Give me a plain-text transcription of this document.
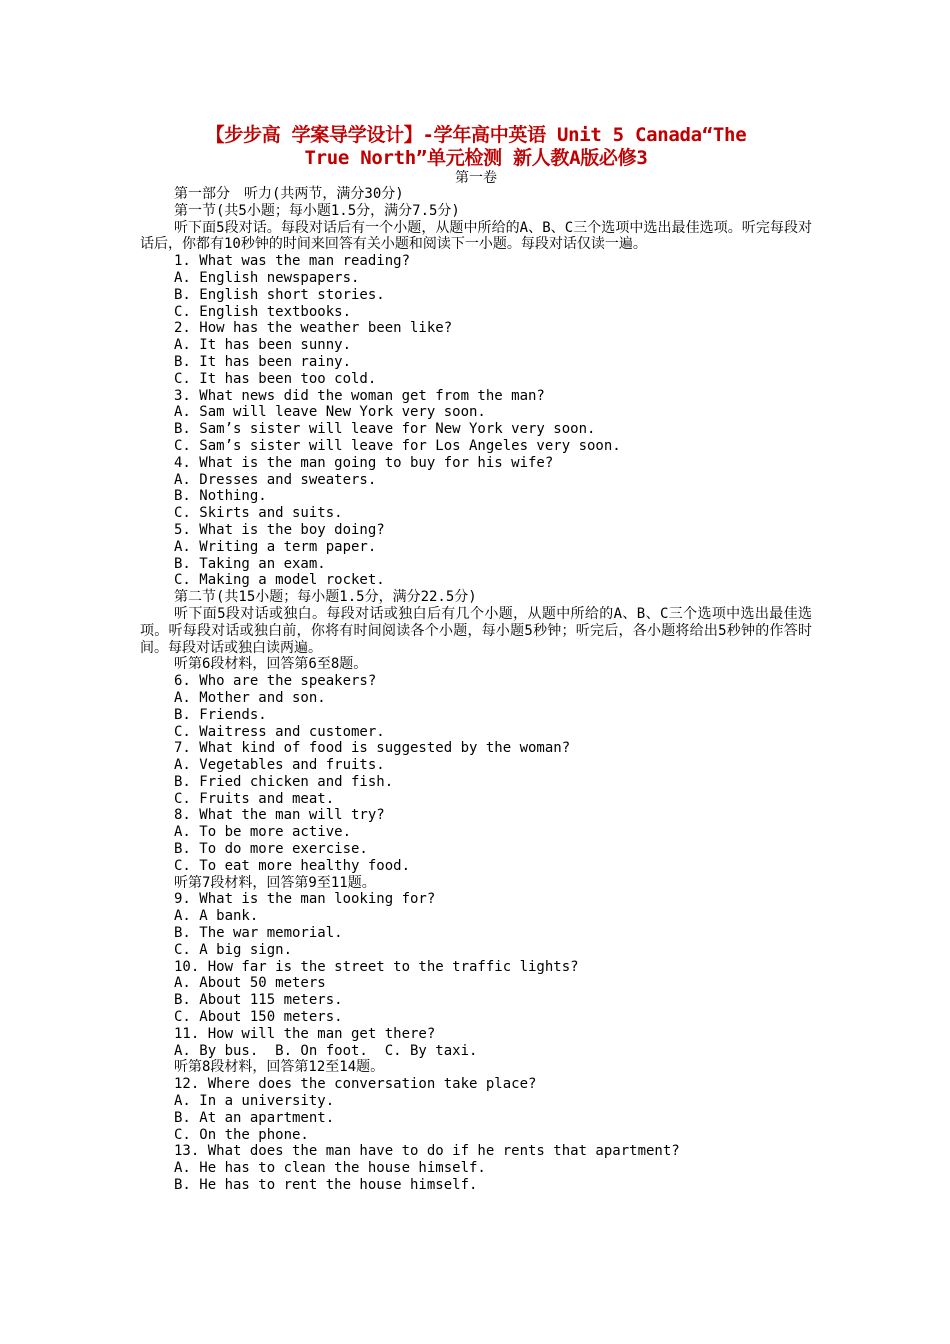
【步步高 学案导学设计】-学年高中英语 Unit 5 Canada“The
True North”单元检测 新人教A版必修3
第一卷

第一部分　听力(共两节，满分30分)

第一节(共5小题；每小题1.5分，满分7.5分)

听下面5段对话。每段对话后有一个小题，从题中所给的A、B、C三个选项中选出最佳选项。听完每段对话后，你都有10秒钟的时间来回答有关小题和阅读下一小题。每段对话仅读一遍。

1. What was the man reading?

A. English newspapers.

B. English short stories.

C. English textbooks.

2. How has the weather been like?

A. It has been sunny.

B. It has been rainy.

C. It has been too cold.

3. What news did the woman get from the man?

A. Sam will leave New York very soon.

B. Sam’s sister will leave for New York very soon.

C. Sam’s sister will leave for Los Angeles very soon.

4. What is the man going to buy for his wife?

A. Dresses and sweaters.

B. Nothing.

C. Skirts and suits.

5. What is the boy doing?

A. Writing a term paper.

B. Taking an exam.

C. Making a model rocket.

第二节(共15小题；每小题1.5分，满分22.5分)

听下面5段对话或独白。每段对话或独白后有几个小题，从题中所给的A、B、C三个选项中选出最佳选项。听每段对话或独白前，你将有时间阅读各个小题，每小题5秒钟；听完后，各小题将给出5秒钟的作答时间。每段对话或独白读两遍。

听第6段材料，回答第6至8题。

6. Who are the speakers?

A. Mother and son.

B. Friends.

C. Waitress and customer.

7. What kind of food is suggested by the woman?

A. Vegetables and fruits.

B. Fried chicken and fish.

C. Fruits and meat.

8. What the man will try?

A. To be more active.

B. To do more exercise.

C. To eat more healthy food.

听第7段材料，回答第9至11题。

9. What is the man looking for?

A. A bank.

B. The war memorial.

C. A big sign.

10. How far is the street to the traffic lights?

A. About 50 meters

B. About 115 meters.

C. About 150 meters.

11. How will the man get there?

A. By bus.  B. On foot.  C. By taxi.

听第8段材料，回答第12至14题。

12. Where does the conversation take place?

A. In a university.

B. At an apartment.

C. On the phone.

13. What does the man have to do if he rents that apartment?

A. He has to clean the house himself.

B. He has to rent the house himself.
